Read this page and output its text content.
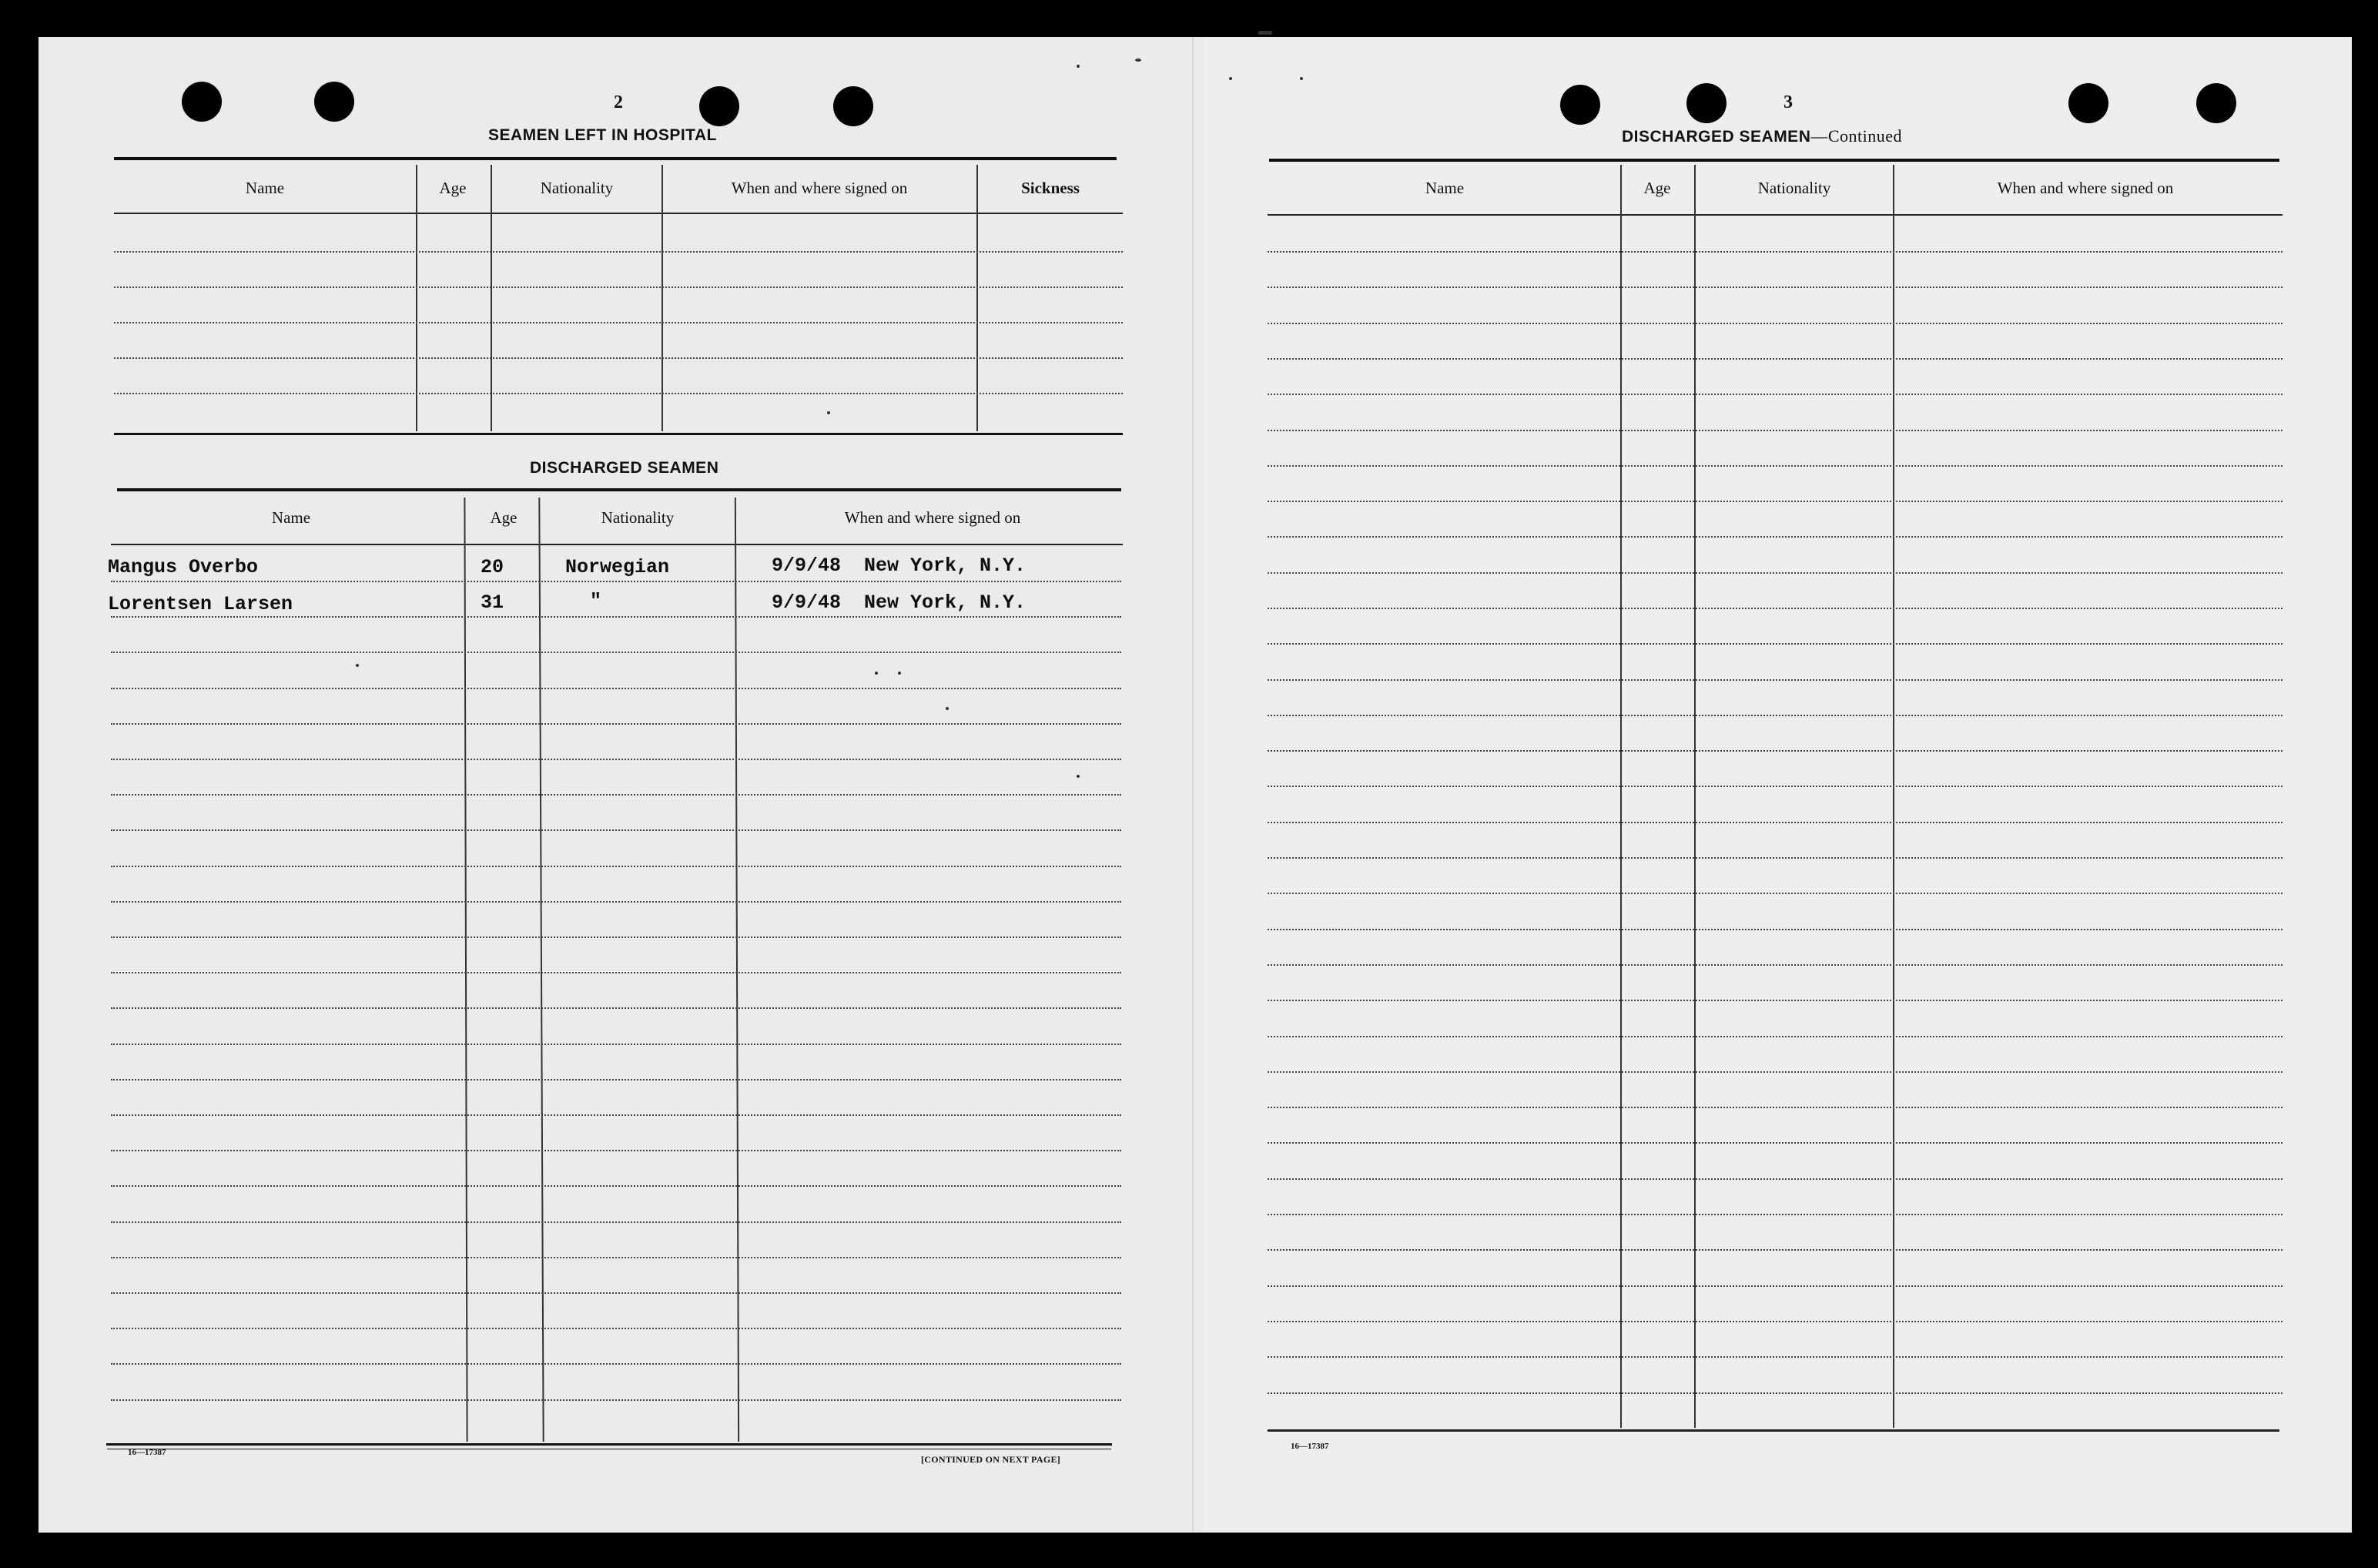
2
SEAMEN LEFT IN HOSPITAL
Name	Age	Nationality	When and where signed on	Sickness
DISCHARGED SEAMEN
Name	Age	Nationality	When and where signed on
Mangus Overbo	20	Norwegian	9/9/48 New York, N.Y.
Lorentsen Larsen	31	"	9/9/48 New York, N.Y.
16—17387
[CONTINUED ON NEXT PAGE]
3
DISCHARGED SEAMEN—Continued
Name	Age	Nationality	When and where signed on
16—17387
